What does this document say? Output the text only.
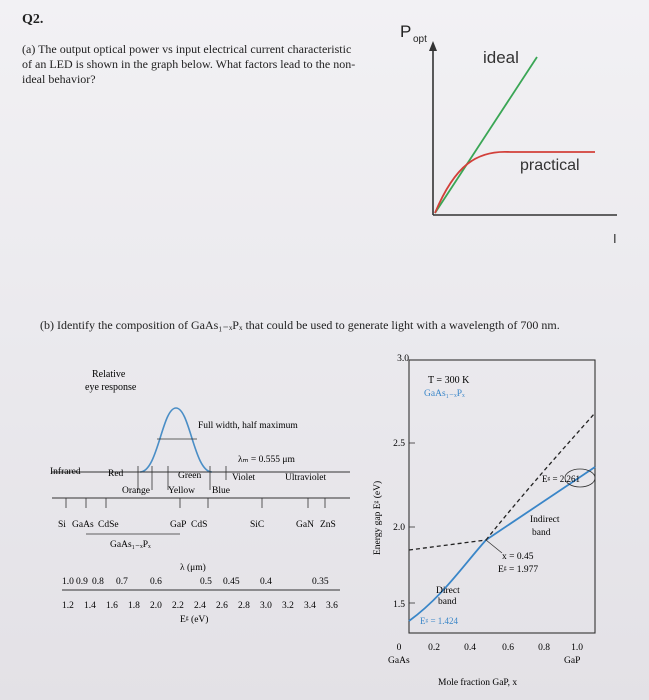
Q2.
(a) The output optical power vs input electrical current characteristic of an LED is shown in the graph below. What factors lead to the non-ideal behavior?
P opt
ideal
practical
I
(b) Identify the composition of GaAs₁₋ₓPₓ that could be used to generate light with a wavelength of 700 nm.
Relative
eye response
Full width, half maximum
λₘ = 0.555 μm
Infrared	Red	Green	Violet	Ultraviolet
Orange Yellow Blue
Si GaAs CdSe	GaP CdS	SiC	GaN ZnS
GaAs₁₋ₓPₓ
λ (μm)
1.0 0.9 0.8 0.7 0.6	0.5 0.45 0.4	0.35
1.2 1.4 1.6 1.8 2.0 2.2 2.4 2.6 2.8 3.0 3.2 3.4 3.6
Eᵍ (eV)
Energy gap Eᵍ (eV)
3.0
2.5
2.0
1.5
0	0.2	0.4	0.6	0.8 1.0
GaAs	GaP
Mole fraction GaP, x
T = 300 K
GaAs₁₋ₓPₓ
Eᵍ = 2.261
Indirect
band
x = 0.45
Eᵍ = 1.977
Direct
band
Eᵍ = 1.424
